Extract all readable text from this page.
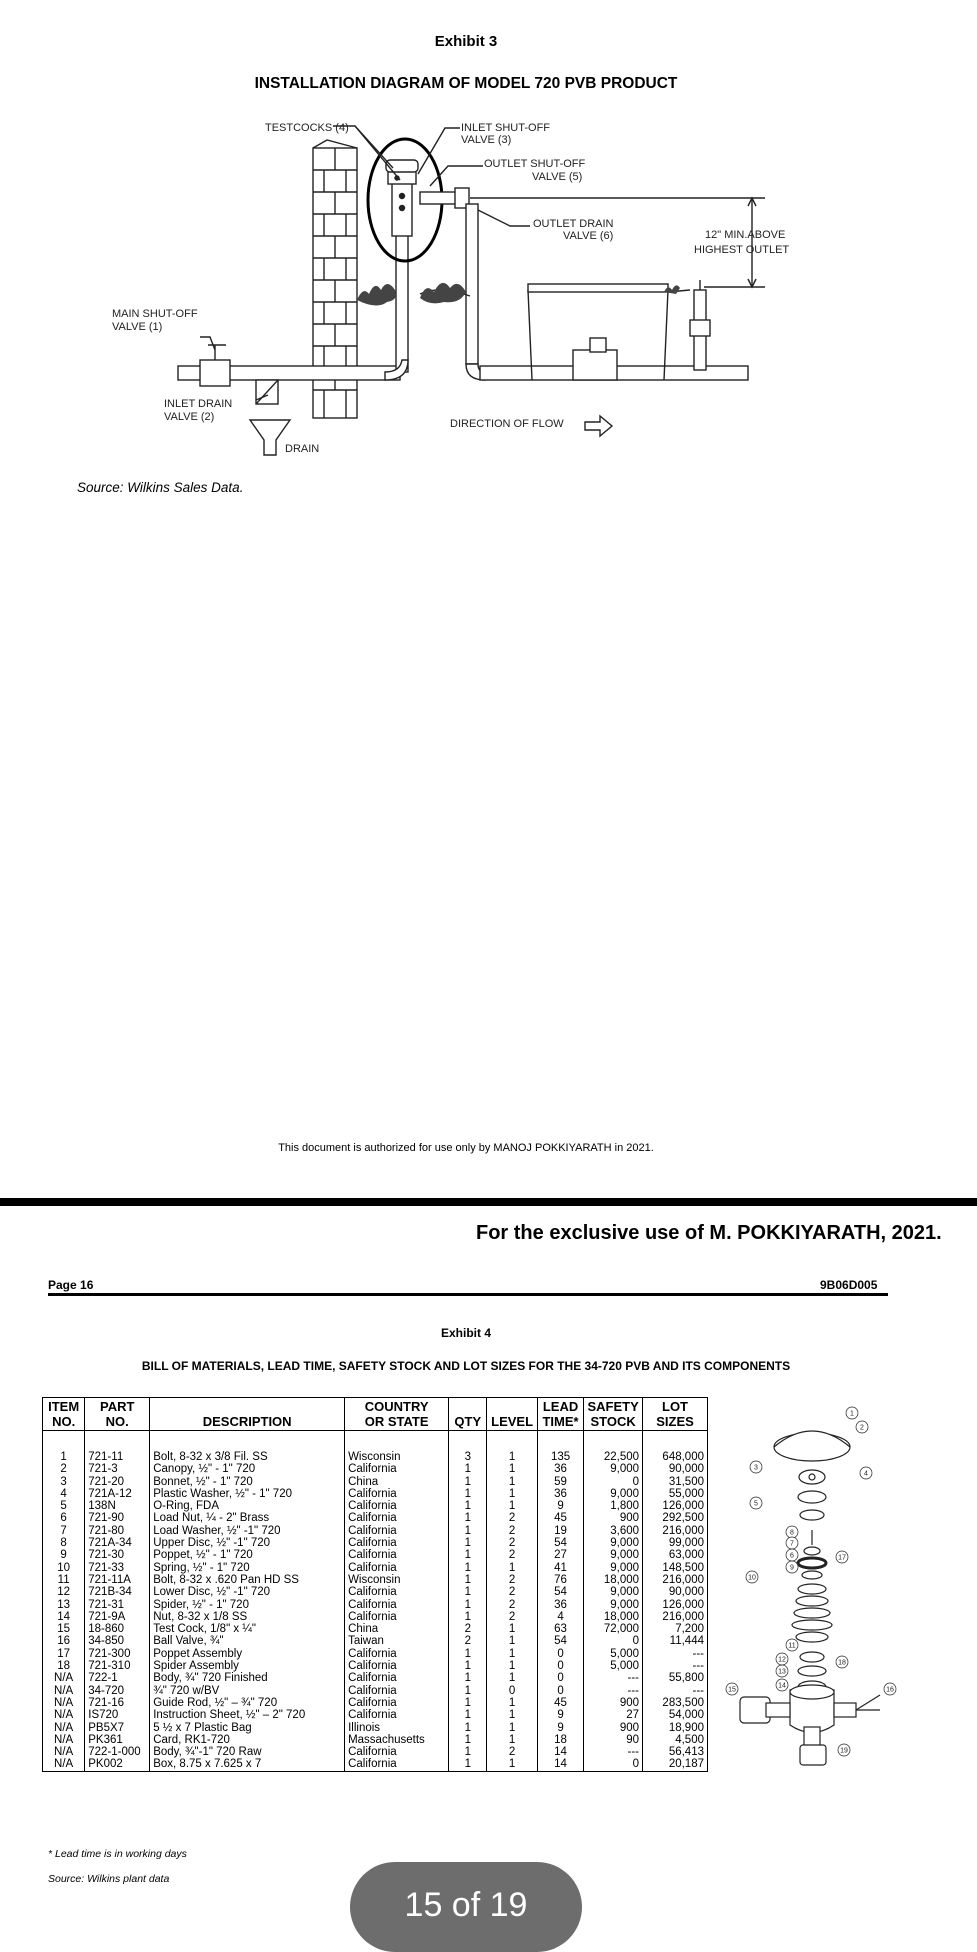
Exhibit 3
INSTALLATION DIAGRAM OF MODEL 720 PVB PRODUCT
TESTCOCKS (4)	INLET SHUT-OFF
VALVE (3)
OUTLET SHUT-OFF
VALVE (5)
OUTLET DRAIN
VALVE (6)	12" MIN.ABOVE
HIGHEST OUTLET
MAIN SHUT-OFF
VALVE (1)
INLET DRAIN
VALVE (2)
DRAIN
DIRECTION OF FLOW
Source: Wilkins Sales Data.
This document is authorized for use only by MANOJ POKKIYARATH in 2021.
For the exclusive use of M. POKKIYARATH, 2021.
Page 16	9B06D005
Exhibit 4
BILL OF MATERIALS, LEAD TIME, SAFETY STOCK AND LOT SIZES FOR THE 34-720 PVB AND ITS COMPONENTS
ITEM
NO.	PART
NO.	DESCRIPTION	COUNTRY
OR STATE	QTY	LEVEL	LEAD
TIME*	SAFETY
STOCK	LOT
SIZES
1	721-11	Bolt, 8-32 x 3/8 Fil. SS	Wisconsin	3	1	135	22,500	648,000
2	721-3	Canopy, ½" - 1" 720	California	1	1	36	9,000	90,000
3	721-20	Bonnet, ½" - 1" 720	China	1	1	59	0	31,500
4	721A-12	Plastic Washer, ½" - 1" 720	California	1	1	36	9,000	55,000
5	138N	O-Ring, FDA	California	1	1	9	1,800	126,000
6	721-90	Load Nut, ¼ - 2" Brass	California	1	2	45	900	292,500
7	721-80	Load Washer, ½" -1" 720	California	1	2	19	3,600	216,000
8	721A-34	Upper Disc, ½" -1" 720	California	1	2	54	9,000	99,000
9	721-30	Poppet, ½" - 1" 720	California	1	2	27	9,000	63,000
10	721-33	Spring, ½" - 1" 720	California	1	1	41	9,000	148,500
11	721-11A	Bolt, 8-32 x .620 Pan HD SS	Wisconsin	1	2	76	18,000	216,000
12	721B-34	Lower Disc, ½" -1" 720	California	1	2	54	9,000	90,000
13	721-31	Spider, ½" - 1" 720	California	1	2	36	9,000	126,000
14	721-9A	Nut, 8-32 x 1/8 SS	California	1	2	4	18,000	216,000
15	18-860	Test Cock, 1/8" x ¼"	China	2	1	63	72,000	7,200
16	34-850	Ball Valve, ¾"	Taiwan	2	1	54	0	11,444
17	721-300	Poppet Assembly	California	1	1	0	5,000	---
18	721-310	Spider Assembly	California	1	1	0	5,000	---
N/A	722-1	Body, ¾" 720 Finished	California	1	1	0	---	55,800
N/A	34-720	¾" 720 w/BV	California	1	0	0	---	---
N/A	721-16	Guide Rod, ½" – ¾" 720	California	1	1	45	900	283,500
N/A	IS720	Instruction Sheet, ½" – 2" 720	California	1	1	9	27	54,000
N/A	PB5X7	5 ½ x 7 Plastic Bag	Illinois	1	1	9	900	18,900
N/A	PK361	Card, RK1-720	Massachusetts	1	1	18	90	4,500
N/A	722-1-000	Body, ¾"-1" 720 Raw	California	1	2	14	---	56,413
N/A	PK002	Box, 8.75 x 7.625 x 7	California	1	1	14	0	20,187
1
2
3
4
5
6
7
8
9
10
11
12
13
14
15	16
17
18
19
* Lead time is in working days
Source: Wilkins plant data
15 of 19
